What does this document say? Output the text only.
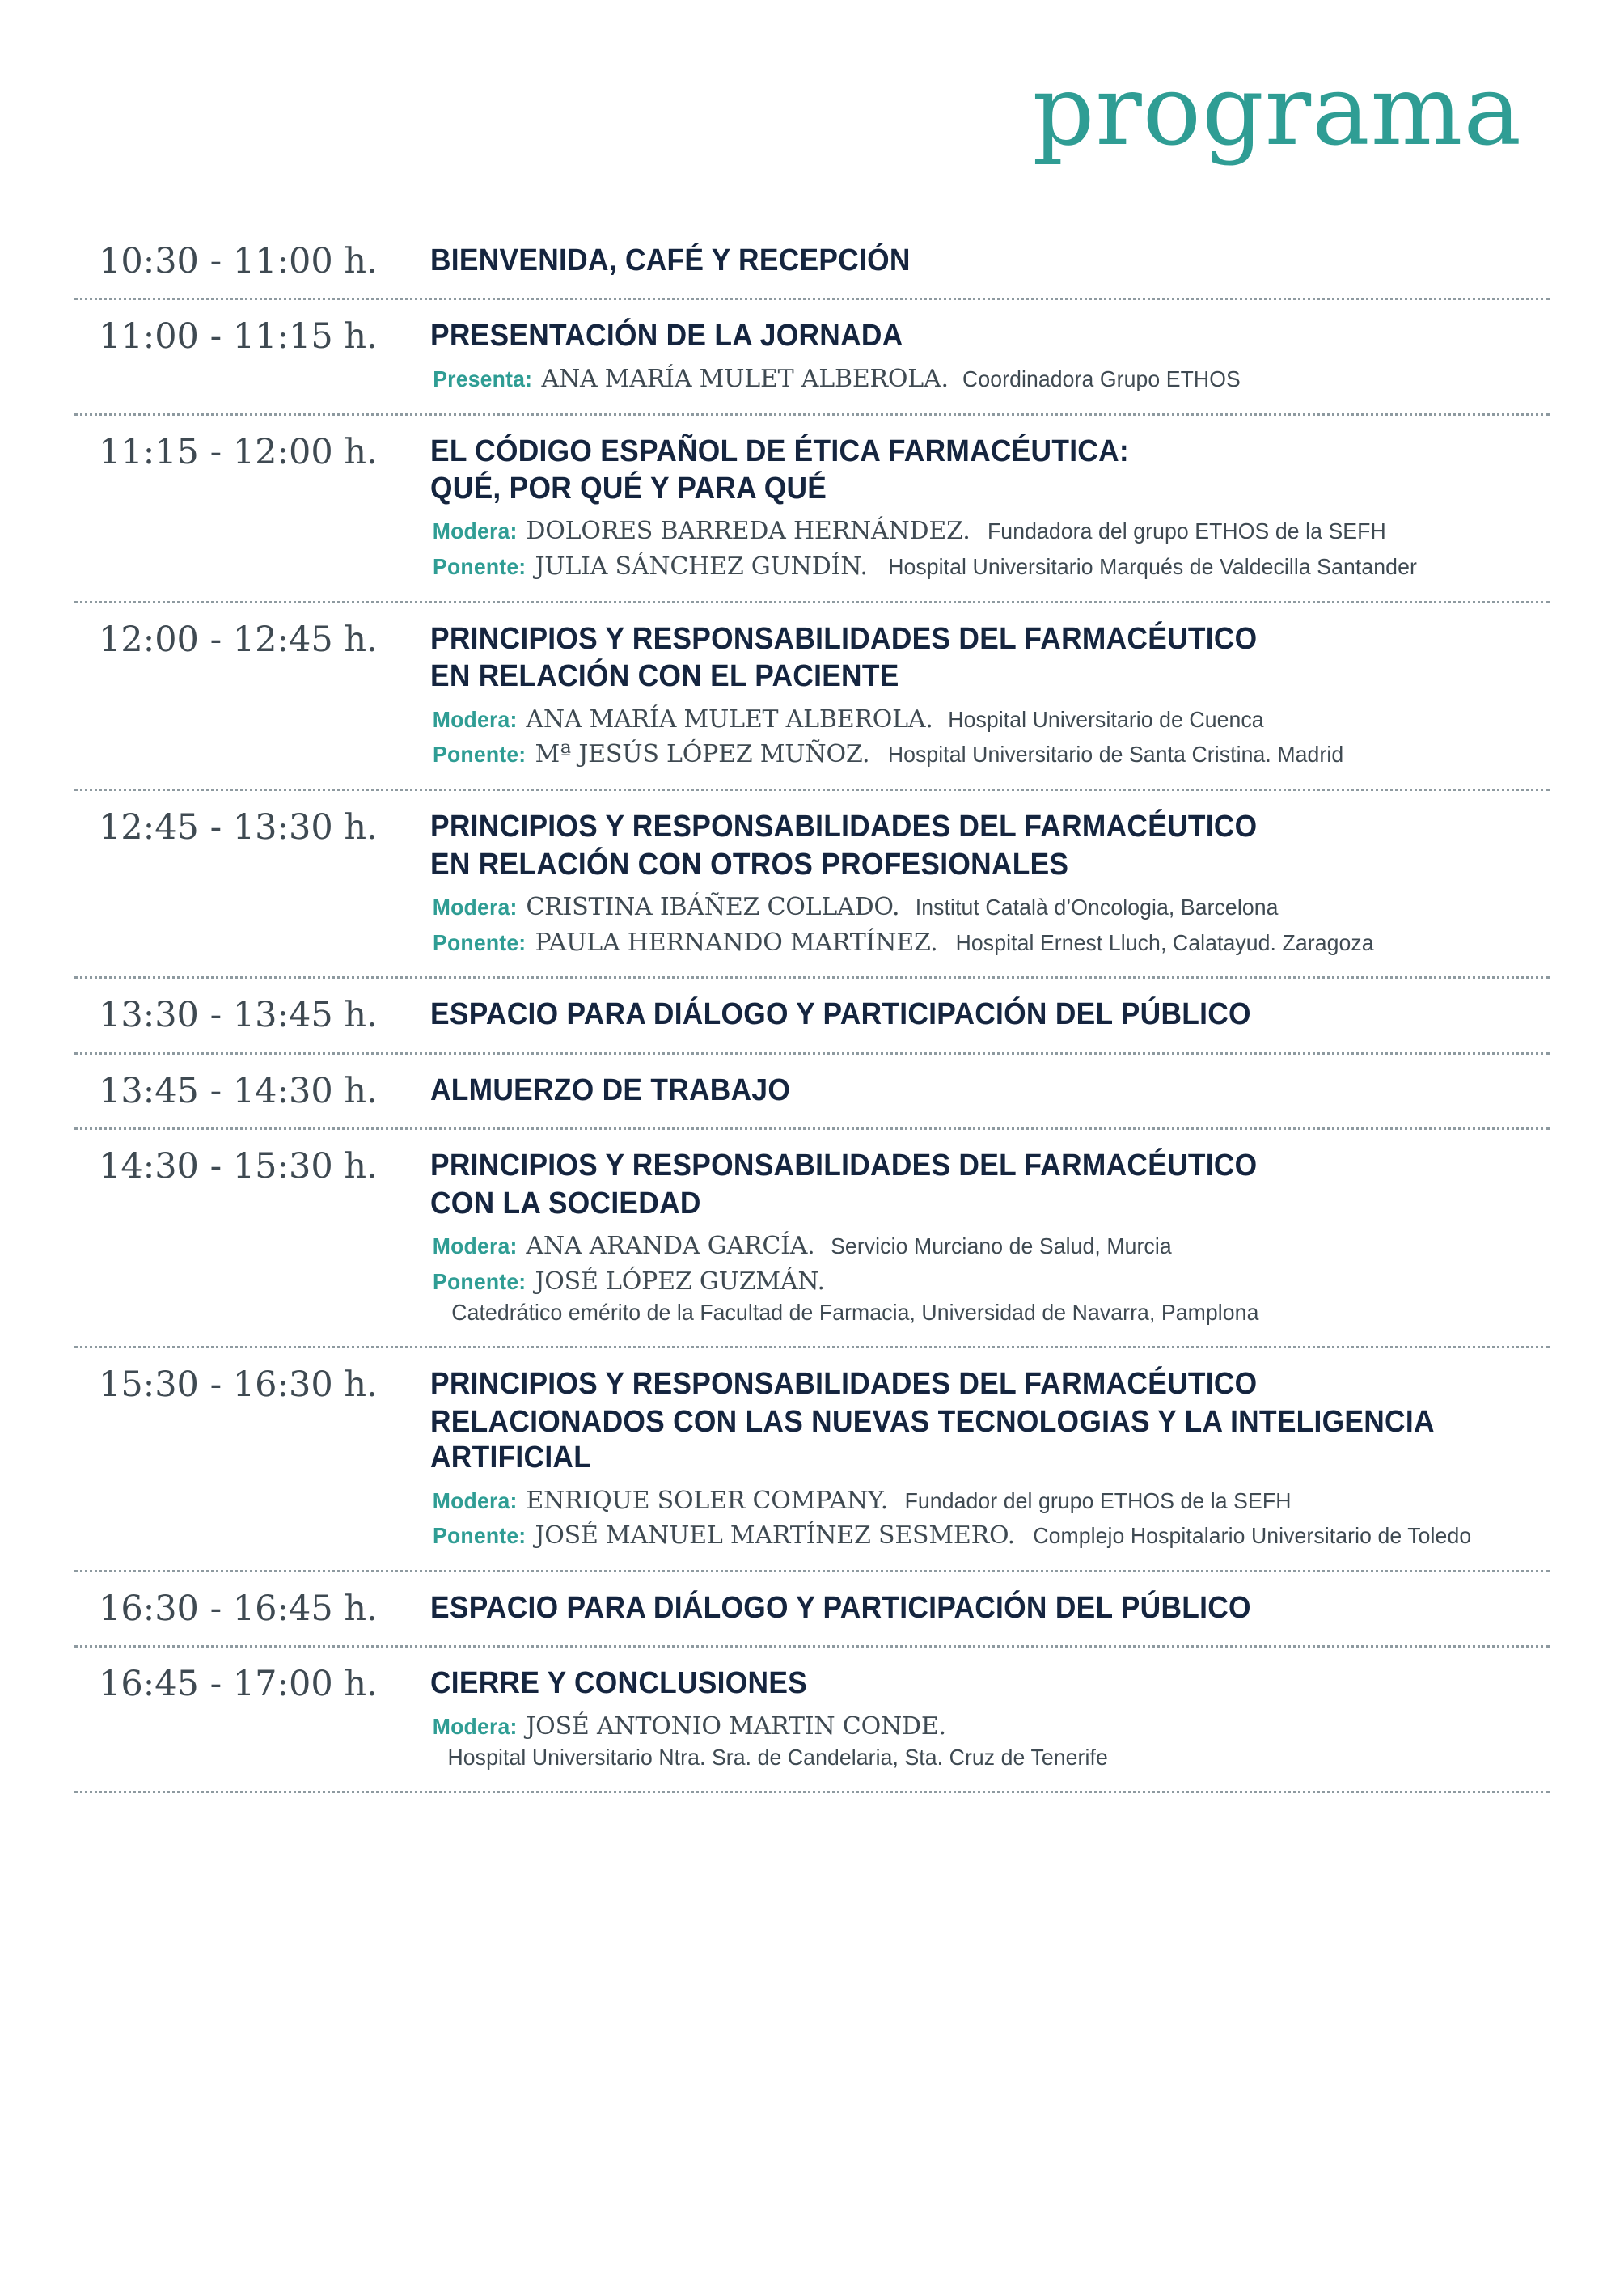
programa
10:30 - 11:00 h.	BIENVENIDA, CAFÉ Y RECEPCIÓN
11:00 - 11:15 h.	PRESENTACIÓN DE LA JORNADA
Presenta: ANA MARÍA MULET ALBEROLA. Coordinadora Grupo ETHOS
11:15 - 12:00 h.	EL CÓDIGO ESPAÑOL DE ÉTICA FARMACÉUTICA:
QUÉ, POR QUÉ Y PARA QUÉ
Modera: DOLORES BARREDA HERNÁNDEZ. Fundadora del grupo ETHOS de la SEFH
Ponente: JULIA SÁNCHEZ GUNDÍN. Hospital Universitario Marqués de Valdecilla Santander
12:00 - 12:45 h.	PRINCIPIOS Y RESPONSABILIDADES DEL FARMACÉUTICO
EN RELACIÓN CON EL PACIENTE
Modera: ANA MARÍA MULET ALBEROLA. Hospital Universitario de Cuenca
Ponente: Mª JESÚS LÓPEZ MUÑOZ. Hospital Universitario de Santa Cristina. Madrid
12:45 - 13:30 h.	PRINCIPIOS Y RESPONSABILIDADES DEL FARMACÉUTICO
EN RELACIÓN CON OTROS PROFESIONALES
Modera: CRISTINA IBÁÑEZ COLLADO. Institut Català d’Oncologia, Barcelona
Ponente: PAULA HERNANDO MARTÍNEZ. Hospital Ernest Lluch, Calatayud. Zaragoza
13:30 - 13:45 h.	ESPACIO PARA DIÁLOGO Y PARTICIPACIÓN DEL PÚBLICO
13:45 - 14:30 h.	ALMUERZO DE TRABAJO
14:30 - 15:30 h.	PRINCIPIOS Y RESPONSABILIDADES DEL FARMACÉUTICO
CON LA SOCIEDAD
Modera: ANA ARANDA GARCÍA. Servicio Murciano de Salud, Murcia
Ponente: JOSÉ LÓPEZ GUZMÁN. Catedrático emérito de la Facultad de Farmacia, Universidad de Navarra, Pamplona
15:30 - 16:30 h.	PRINCIPIOS Y RESPONSABILIDADES DEL FARMACÉUTICO
RELACIONADOS CON LAS NUEVAS TECNOLOGIAS Y LA INTELIGENCIA ARTIFICIAL
Modera: ENRIQUE SOLER COMPANY. Fundador del grupo ETHOS de la SEFH
Ponente: JOSÉ MANUEL MARTÍNEZ SESMERO. Complejo Hospitalario Universitario de Toledo
16:30 - 16:45 h.	ESPACIO PARA DIÁLOGO Y PARTICIPACIÓN DEL PÚBLICO
16:45 - 17:00 h.	CIERRE Y CONCLUSIONES
Modera: JOSÉ ANTONIO MARTIN CONDE. Hospital Universitario Ntra. Sra. de Candelaria, Sta. Cruz de Tenerife
